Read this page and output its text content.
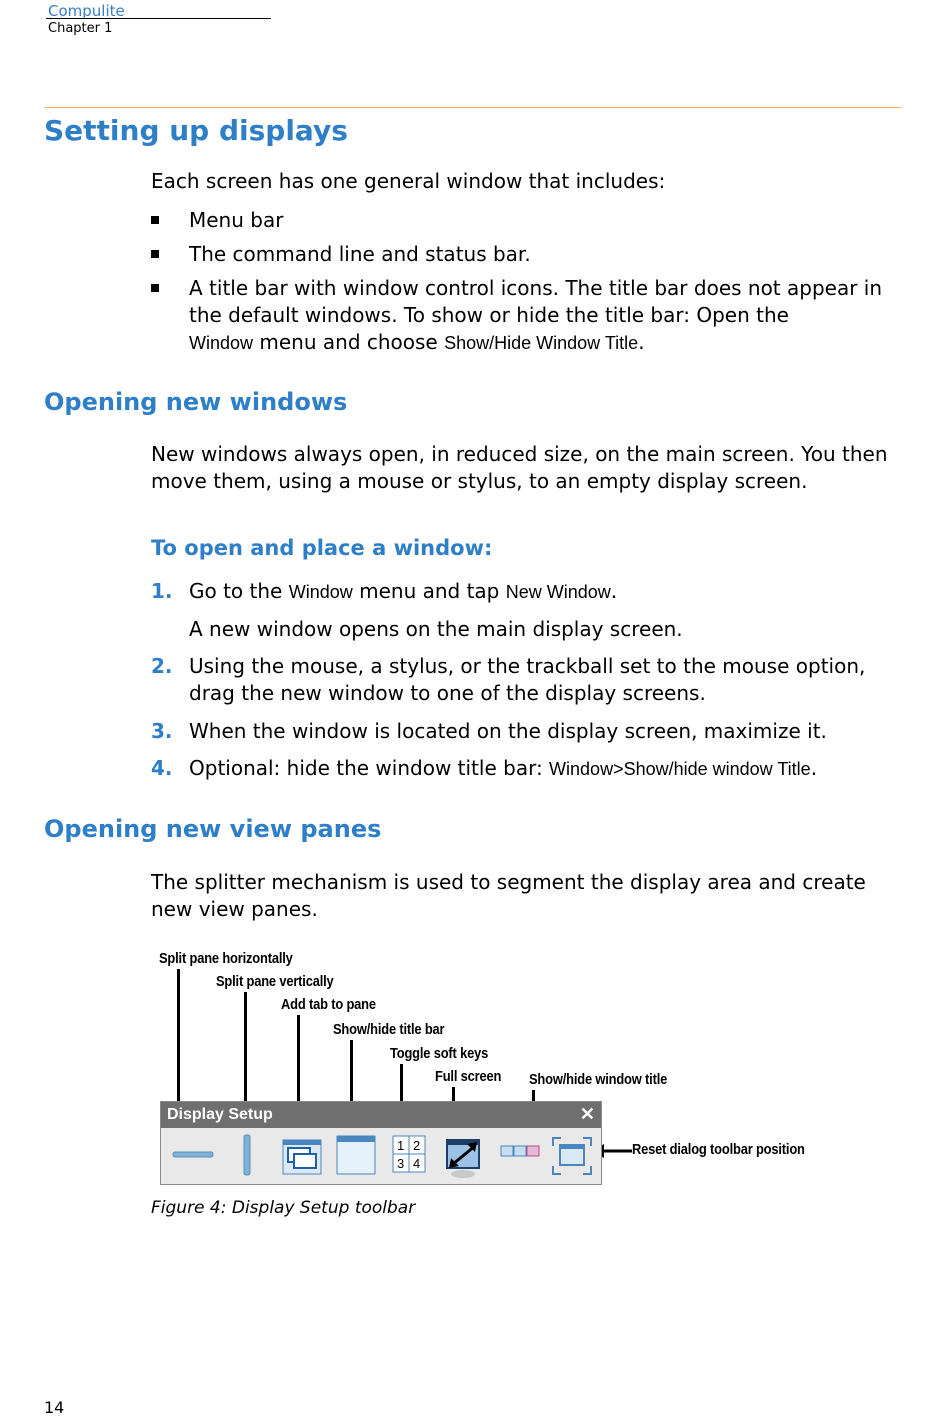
Compulite
Chapter 1
Setting up displays

Each screen has one general window that includes:

Menu bar
The command line and status bar.
A title bar with window control icons. The title bar does not appear in the default windows. To show or hide the title bar: Open the
Window menu and choose Show/Hide Window Title.
Opening new windows

New windows always open, in reduced size, on the main screen. You then move them, using a mouse or stylus, to an empty display screen.

To open and place a window:
1. Go to the Window menu and tap New Window.
A new window opens on the main display screen.
2. Using the mouse, a stylus, or the trackball set to the mouse option, drag the new window to one of the display screens.
3. When the window is located on the display screen, maximize it.
4. Optional: hide the window title bar: Window>Show/hide window Title.
Opening new view panes

The splitter mechanism is used to segment the display area and create new view panes.

Split pane horizontally
Split pane vertically
Add tab to pane
Show/hide title bar
Toggle soft keys
Full screen Show/hide window title
Reset dialog toolbar position
Display Setup	✕
1 2
3 4

Figure 4: Display Setup toolbar

14
